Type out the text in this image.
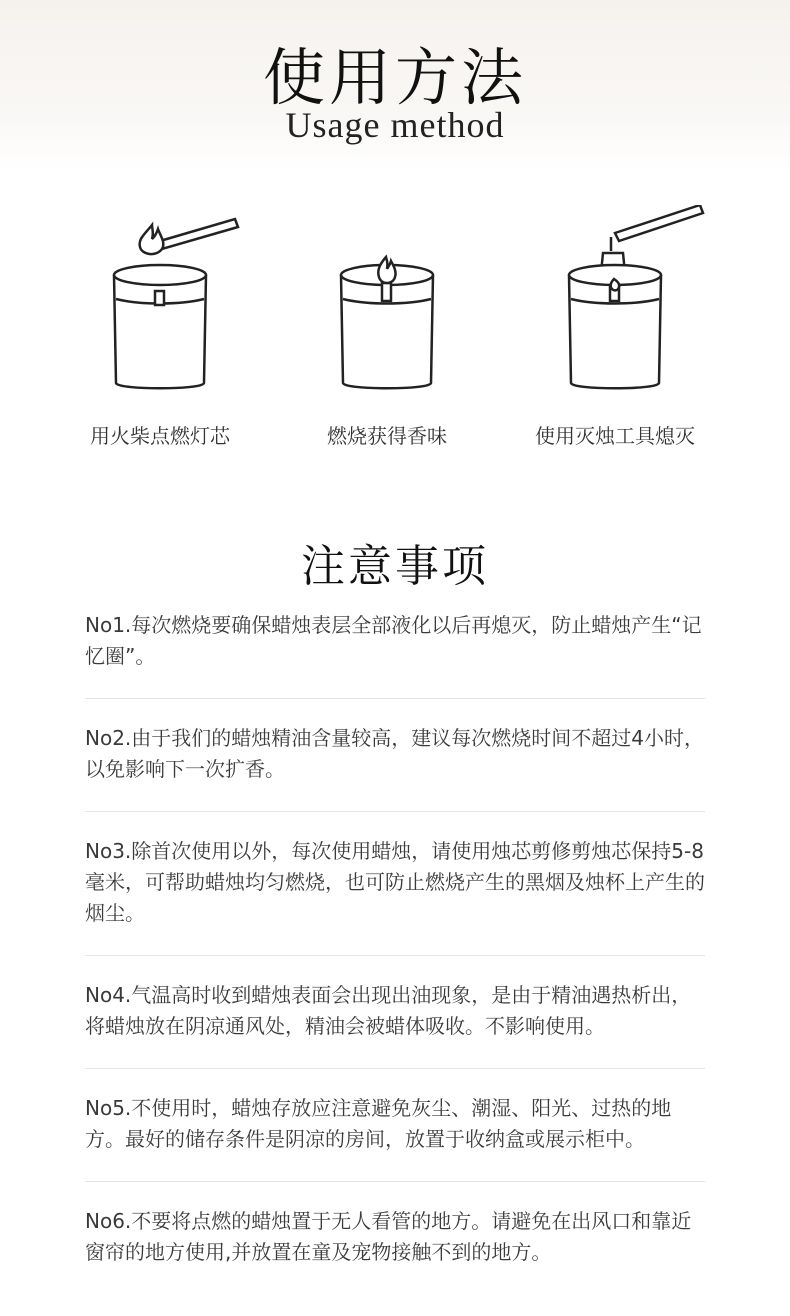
使用方法
Usage method
用火柴点燃灯芯	燃烧获得香味	使用灭烛工具熄灭
注意事项
No1.每次燃烧要确保蜡烛表层全部液化以后再熄灭，防止蜡烛产生“记忆圈”。
No2.由于我们的蜡烛精油含量较高，建议每次燃烧时间不超过4小时，以免影响下一次扩香。
No3.除首次使用以外，每次使用蜡烛，请使用烛芯剪修剪烛芯保持5-8毫米，可帮助蜡烛均匀燃烧，也可防止燃烧产生的黑烟及烛杯上产生的烟尘。
No4.气温高时收到蜡烛表面会出现出油现象，是由于精油遇热析出，将蜡烛放在阴凉通风处，精油会被蜡体吸收。不影响使用。
No5.不使用时，蜡烛存放应注意避免灰尘、潮湿、阳光、过热的地方。最好的储存条件是阴凉的房间，放置于收纳盒或展示柜中。
No6.不要将点燃的蜡烛置于无人看管的地方。请避免在出风口和靠近窗帘的地方使用,并放置在童及宠物接触不到的地方。
